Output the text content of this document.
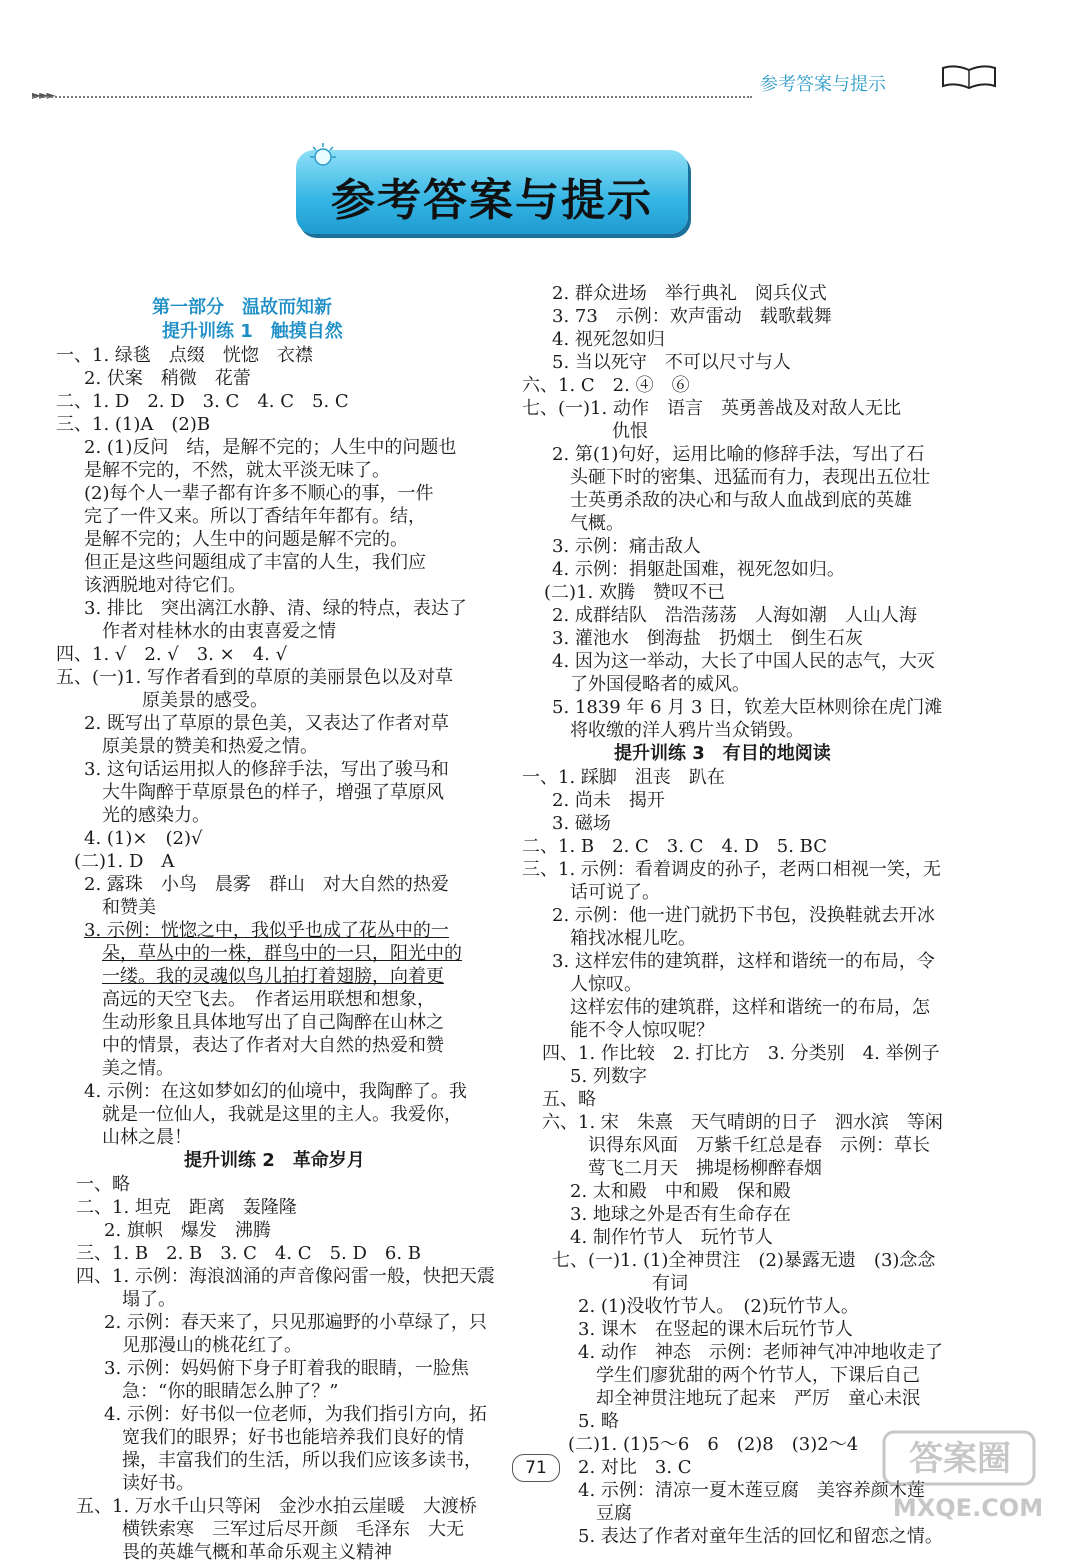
►►►	参考答案与提示
参考答案与提示
第一部分　温故而知新
提升训练 1　触摸自然
一、1. 绿毯　点缀　恍惚　衣襟
2. 伏案　稍微　花蕾
二、1. D　2. D　3. C　4. C　5. C
三、1. (1)A　(2)B
2. (1)反问　结，是解不完的；人生中的问题也
是解不完的，不然，就太平淡无味了。
(2)每个人一辈子都有许多不顺心的事，一件
完了一件又来。所以丁香结年年都有。结，
是解不完的；人生中的问题是解不完的。
但正是这些问题组成了丰富的人生，我们应
该洒脱地对待它们。
3. 排比　突出漓江水静、清、绿的特点，表达了
作者对桂林水的由衷喜爱之情
四、1. √　2. √　3. ×　4. √
五、(一)1. 写作者看到的草原的美丽景色以及对草
原美景的感受。
2. 既写出了草原的景色美，又表达了作者对草
原美景的赞美和热爱之情。
3. 这句话运用拟人的修辞手法，写出了骏马和
大牛陶醉于草原景色的样子，增强了草原风
光的感染力。
4. (1)×　(2)√
(二)1. D　A
2. 露珠　小鸟　晨雾　群山　对大自然的热爱
和赞美
3. 示例：恍惚之中，我似乎也成了花丛中的一
朵，草丛中的一株，群鸟中的一只，阳光中的
一缕。我的灵魂似鸟儿拍打着翅膀，向着更
高远的天空飞去。　作者运用联想和想象，
生动形象且具体地写出了自己陶醉在山林之
中的情景，表达了作者对大自然的热爱和赞
美之情。
4. 示例：在这如梦如幻的仙境中，我陶醉了。我
就是一位仙人，我就是这里的主人。我爱你，
山林之晨！
提升训练 2　革命岁月
一、略
二、1. 坦克　距离　轰隆隆
2. 旗帜　爆发　沸腾
三、1. B　2. B　3. C　4. C　5. D　6. B
四、1. 示例：海浪汹涌的声音像闷雷一般，快把天震
塌了。
2. 示例：春天来了，只见那遍野的小草绿了，只
见那漫山的桃花红了。
3. 示例：妈妈俯下身子盯着我的眼睛，一脸焦
急：“你的眼睛怎么肿了？”
4. 示例：好书似一位老师，为我们指引方向，拓
宽我们的眼界；好书也能培养我们良好的情
操，丰富我们的生活，所以我们应该多读书，
读好书。
五、1. 万水千山只等闲　金沙水拍云崖暖　大渡桥
横铁索寒　三军过后尽开颜　毛泽东　大无
畏的英雄气概和革命乐观主义精神
2. 群众进场　举行典礼　阅兵仪式
3. 73　示例：欢声雷动　载歌载舞
4. 视死忽如归
5. 当以死守　不可以尺寸与人
六、1. C　2. ④　⑥
七、(一)1. 动作　语言　英勇善战及对敌人无比
仇恨
2. 第(1)句好，运用比喻的修辞手法，写出了石
头砸下时的密集、迅猛而有力，表现出五位壮
士英勇杀敌的决心和与敌人血战到底的英雄
气概。
3. 示例：痛击敌人
4. 示例：捐躯赴国难，视死忽如归。
(二)1. 欢腾　赞叹不已
2. 成群结队　浩浩荡荡　人海如潮　人山人海
3. 灌池水　倒海盐　扔烟土　倒生石灰
4. 因为这一举动，大长了中国人民的志气，大灭
了外国侵略者的威风。
5. 1839 年 6 月 3 日，钦差大臣林则徐在虎门滩
将收缴的洋人鸦片当众销毁。
提升训练 3　有目的地阅读
一、1. 踩脚　沮丧　趴在
2. 尚未　揭开
3. 磁场
二、1. B　2. C　3. C　4. D　5. BC
三、1. 示例：看着调皮的孙子，老两口相视一笑，无
话可说了。
2. 示例：他一进门就扔下书包，没换鞋就去开冰
箱找冰棍儿吃。
3. 这样宏伟的建筑群，这样和谐统一的布局，令
人惊叹。
这样宏伟的建筑群，这样和谐统一的布局，怎
能不令人惊叹呢？
四、1. 作比较　2. 打比方　3. 分类别　4. 举例子
5. 列数字
五、略
六、1. 宋　朱熹　天气晴朗的日子　泗水滨　等闲
识得东风面　万紫千红总是春　示例：草长
莺飞二月天　拂堤杨柳醉春烟
2. 太和殿　中和殿　保和殿
3. 地球之外是否有生命存在
4. 制作竹节人　玩竹节人
七、(一)1. (1)全神贯注　(2)暴露无遗　(3)念念
有词
2. (1)没收竹节人。　(2)玩竹节人。
3. 课木　在竖起的课木后玩竹节人
4. 动作　神态　示例：老师神气冲冲地收走了
学生们廖犹甜的两个竹节人，下课后自己
却全神贯注地玩了起来　严厉　童心未泯
5. 略
(二)1. (1)5～6　6　(2)8　(3)2～4
2. 对比　3. C
4. 示例：清凉一夏木莲豆腐　美容养颜木莲
豆腐
5. 表达了作者对童年生活的回忆和留恋之情。
71	答案圈
MXQE.COM
